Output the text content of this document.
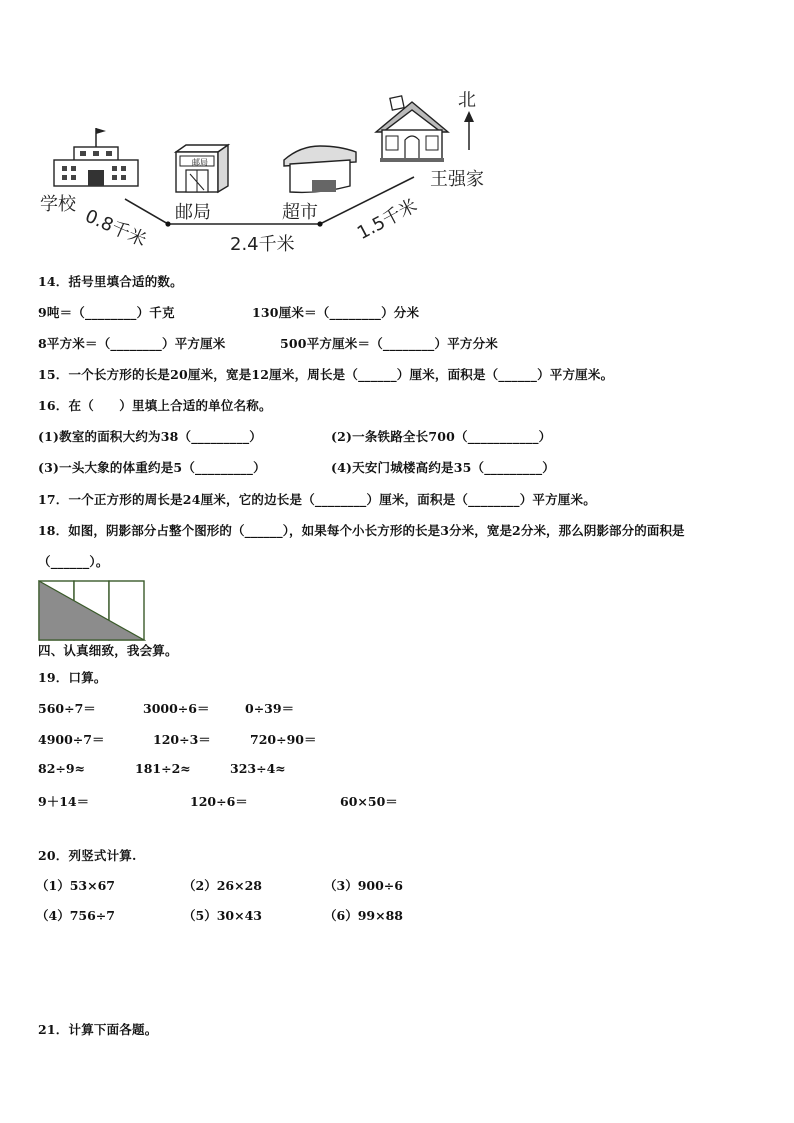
北
学校	邮局	超市
王强家
邮局
0.8千米	2.4千米
1.5千米
14．括号里填合适的数。
9吨＝（________）千克	130厘米＝（________）分米
8平方米＝（________）平方厘米	500平方厘米＝（________）平方分米
15．一个长方形的长是20厘米，宽是12厘米，周长是（______）厘米，面积是（______）平方厘米。
16．在（　　）里填上合适的单位名称。
(1)教室的面积大约为38（_________）	(2)一条铁路全长700（___________）
(3)一头大象的体重约是5（_________）	(4)天安门城楼高约是35（_________）
17．一个正方形的周长是24厘米，它的边长是（________）厘米，面积是（________）平方厘米。
18．如图，阴影部分占整个图形的（______），如果每个小长方形的长是3分米，宽是2分米，那么阴影部分的面积是
（______）。
四、认真细致，我会算。
19．口算。
560÷7＝	3000÷6＝	0÷39＝
4900÷7＝	120÷3＝	720÷90＝
82÷9≈	181÷2≈	323÷4≈
9＋14＝	120÷6＝	60×50＝
20．列竖式计算.
（1）53×67	（2）26×28	（3）900÷6
（4）756÷7	（5）30×43	（6）99×88
21．计算下面各题。
